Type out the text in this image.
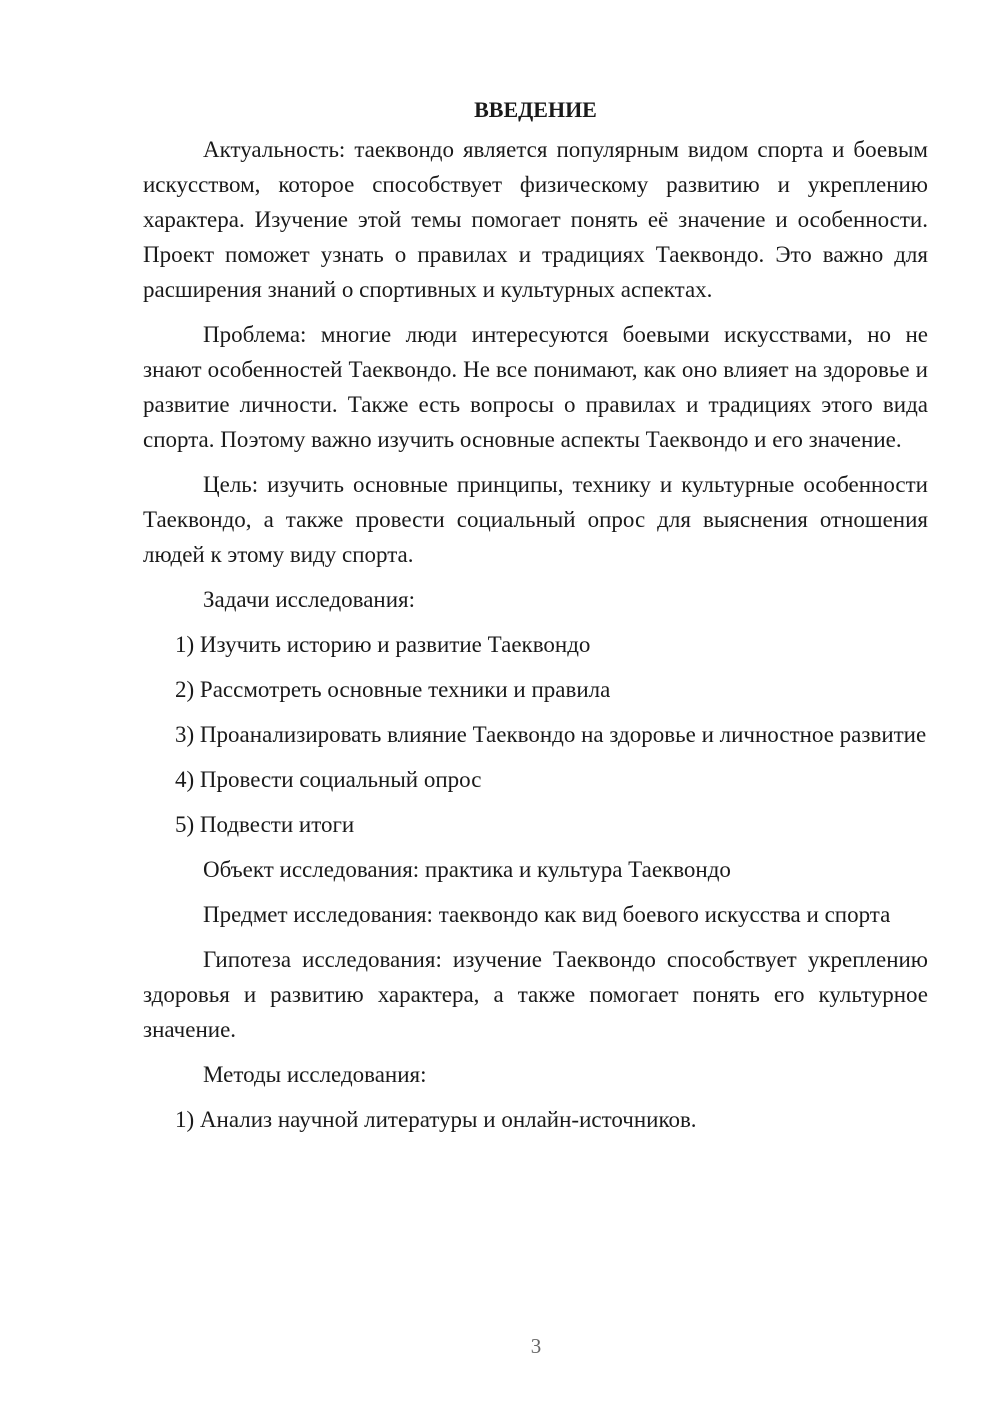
ВВЕДЕНИЕ

Актуальность: таеквондо является популярным видом спорта и боевым искусством, которое способствует физическому развитию и укреплению характера. Изучение этой темы помогает понять её значение и особенности. Проект поможет узнать о правилах и традициях Таеквондо. Это важно для расширения знаний о спортивных и культурных аспектах.

Проблема: многие люди интересуются боевыми искусствами, но не знают особенностей Таеквондо. Не все понимают, как оно влияет на здоровье и развитие личности. Также есть вопросы о правилах и традициях этого вида спорта. Поэтому важно изучить основные аспекты Таеквондо и его значение.

Цель: изучить основные принципы, технику и культурные особенности Таеквондо, а также провести социальный опрос для выяснения отношения людей к этому виду спорта.

Задачи исследования:

1) Изучить историю и развитие Таеквондо

2) Рассмотреть основные техники и правила

3) Проанализировать влияние Таеквондо на здоровье и личностное развитие

4) Провести социальный опрос

5) Подвести итоги

Объект исследования: практика и культура Таеквондо

Предмет исследования: таеквондо как вид боевого искусства и спорта

Гипотеза исследования: изучение Таеквондо способствует укреплению здоровья и развитию характера, а также помогает понять его культурное значение.

Методы исследования:

1) Анализ научной литературы и онлайн-источников.

3
